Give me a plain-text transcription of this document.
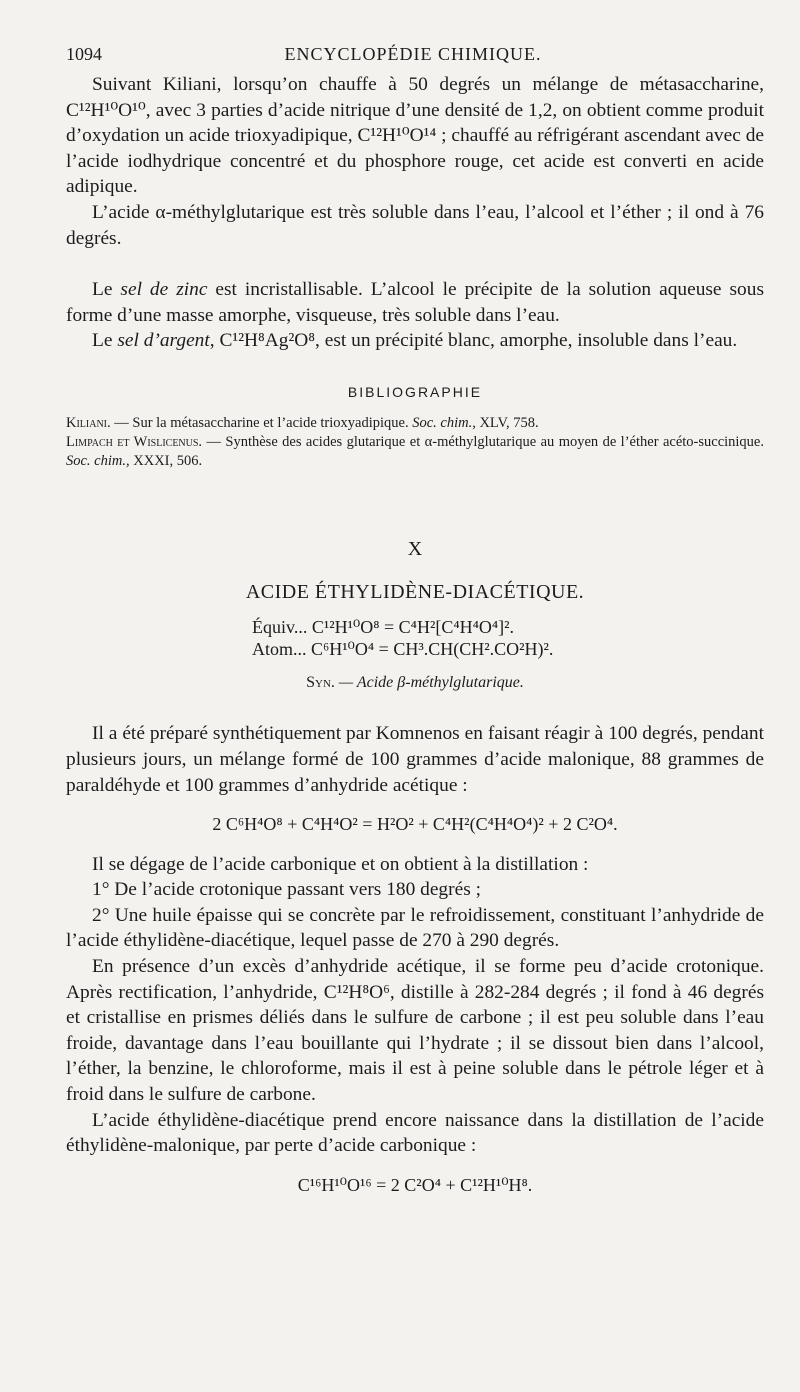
1094	ENCYCLOPÉDIE CHIMIQUE.

Suivant Kiliani, lorsqu’on chauffe à 50 degrés un mélange de métasaccharine, C¹²H¹⁰O¹⁰, avec 3 parties d’acide nitrique d’une densité de 1,2, on obtient comme produit d’oxydation un acide trioxyadipique, C¹²H¹⁰O¹⁴ ; chauffé au réfrigérant ascendant avec de l’acide iodhydrique concentré et du phosphore rouge, cet acide est converti en acide adipique.

L’acide α-méthylglutarique est très soluble dans l’eau, l’alcool et l’éther ; il ond à 76 degrés.

Le sel de zinc est incristallisable. L’alcool le précipite de la solution aqueuse sous forme d’une masse amorphe, visqueuse, très soluble dans l’eau.

Le sel d’argent, C¹²H⁸Ag²O⁸, est un précipité blanc, amorphe, insoluble dans l’eau.

BIBLIOGRAPHIE

Kiliani. — Sur la métasaccharine et l’acide trioxyadipique. Soc. chim., XLV, 758.

Limpach et Wislicenus. — Synthèse des acides glutarique et α-méthylglutarique au moyen de l’éther acéto-succinique. Soc. chim., XXXI, 506.

X
ACIDE ÉTHYLIDÈNE-DIACÉTIQUE.
Équiv... C¹²H¹⁰O⁸ = C⁴H²[C⁴H⁴O⁴]².
Atom... C⁶H¹⁰O⁴ = CH³.CH(CH².CO²H)².
Syn. — Acide β-méthylglutarique.

Il a été préparé synthétiquement par Komnenos en faisant réagir à 100 degrés, pendant plusieurs jours, un mélange formé de 100 grammes d’acide malonique, 88 grammes de paraldéhyde et 100 grammes d’anhydride acétique :

2 C⁶H⁴O⁸ + C⁴H⁴O² = H²O² + C⁴H²(C⁴H⁴O⁴)² + 2 C²O⁴.

Il se dégage de l’acide carbonique et on obtient à la distillation :

1° De l’acide crotonique passant vers 180 degrés ;

2° Une huile épaisse qui se concrète par le refroidissement, constituant l’anhydride de l’acide éthylidène-diacétique, lequel passe de 270 à 290 degrés.

En présence d’un excès d’anhydride acétique, il se forme peu d’acide crotonique. Après rectification, l’anhydride, C¹²H⁸O⁶, distille à 282-284 degrés ; il fond à 46 degrés et cristallise en prismes déliés dans le sulfure de carbone ; il est peu soluble dans l’eau froide, davantage dans l’eau bouillante qui l’hydrate ; il se dissout bien dans l’alcool, l’éther, la benzine, le chloroforme, mais il est à peine soluble dans le pétrole léger et à froid dans le sulfure de carbone.

L’acide éthylidène-diacétique prend encore naissance dans la distillation de l’acide éthylidène-malonique, par perte d’acide carbonique :

C¹⁶H¹⁰O¹⁶ = 2 C²O⁴ + C¹²H¹⁰H⁸.
